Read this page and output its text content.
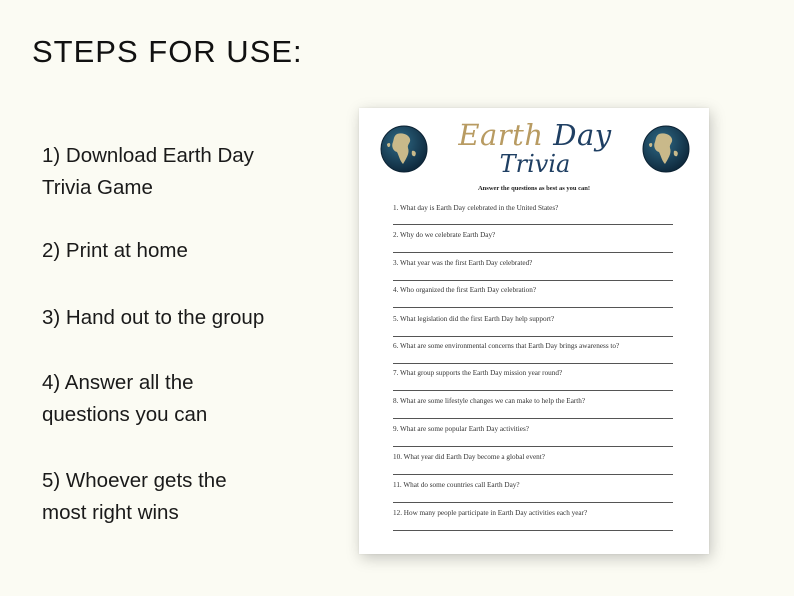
STEPS FOR USE:
1) Download Earth Day
Trivia Game
2) Print at home
3) Hand out to the group
4) Answer all the
questions you can
5) Whoever gets the
most right wins
Earth Day
Trivia
Answer the questions as best as you can!
1. What day is Earth Day celebrated in the United States?
2. Why do we celebrate Earth Day?
3. What year was the first Earth Day celebrated?
4. Who organized the first Earth Day celebration?
5. What legislation did the first Earth Day help support?
6. What are some environmental concerns that Earth Day brings awareness to?
7. What group supports the Earth Day mission year round?
8. What are some lifestyle changes we can make to help the Earth?
9. What are some popular Earth Day activities?
10. What year did Earth Day become a global event?
11. What do some countries call Earth Day?
12. How many people participate in Earth Day activities each year?
